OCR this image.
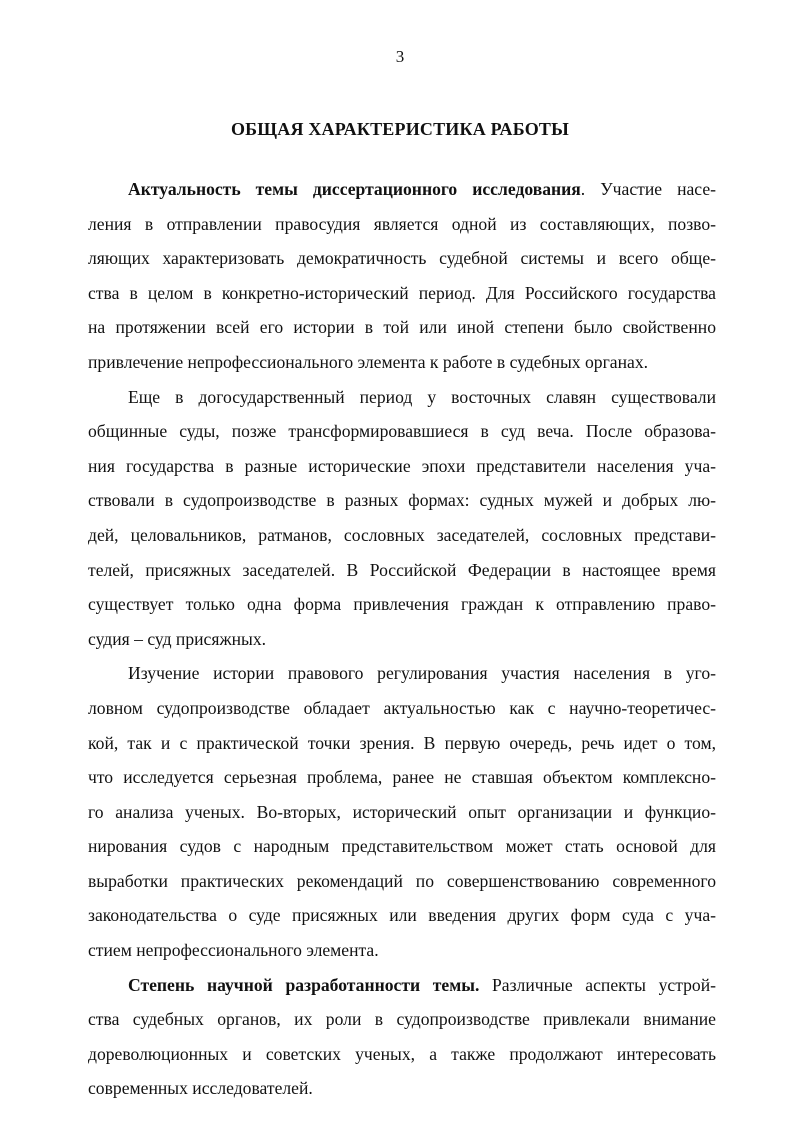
3
ОБЩАЯ ХАРАКТЕРИСТИКА РАБОТЫ
Актуальность темы диссертационного исследования. Участие насе-
ления в отправлении правосудия является одной из составляющих, позво-
ляющих характеризовать демократичность судебной системы и всего обще-
ства в целом в конкретно-исторический период. Для Российского государства
на протяжении всей его истории в той или иной степени было свойственно
привлечение непрофессионального элемента к работе в судебных органах.
Еще в догосударственный период у восточных славян существовали
общинные суды, позже трансформировавшиеся в суд веча. После образова-
ния государства в разные исторические эпохи представители населения уча-
ствовали в судопроизводстве в разных формах: судных мужей и добрых лю-
дей, целовальников, ратманов, сословных заседателей, сословных представи-
телей, присяжных заседателей. В Российской Федерации в настоящее время
существует только одна форма привлечения граждан к отправлению право-
судия – суд присяжных.
Изучение истории правового регулирования участия населения в уго-
ловном судопроизводстве обладает актуальностью как с научно-теоретичес-
кой, так и с практической точки зрения. В первую очередь, речь идет о том,
что исследуется серьезная проблема, ранее не ставшая объектом комплексно-
го анализа ученых. Во-вторых, исторический опыт организации и функцио-
нирования судов с народным представительством может стать основой для
выработки практических рекомендаций по совершенствованию современного
законодательства о суде присяжных или введения других форм суда с уча-
стием непрофессионального элемента.
Степень научной разработанности темы. Различные аспекты устрой-
ства судебных органов, их роли в судопроизводстве привлекали внимание
дореволюционных и советских ученых, а также продолжают интересовать
современных исследователей.
